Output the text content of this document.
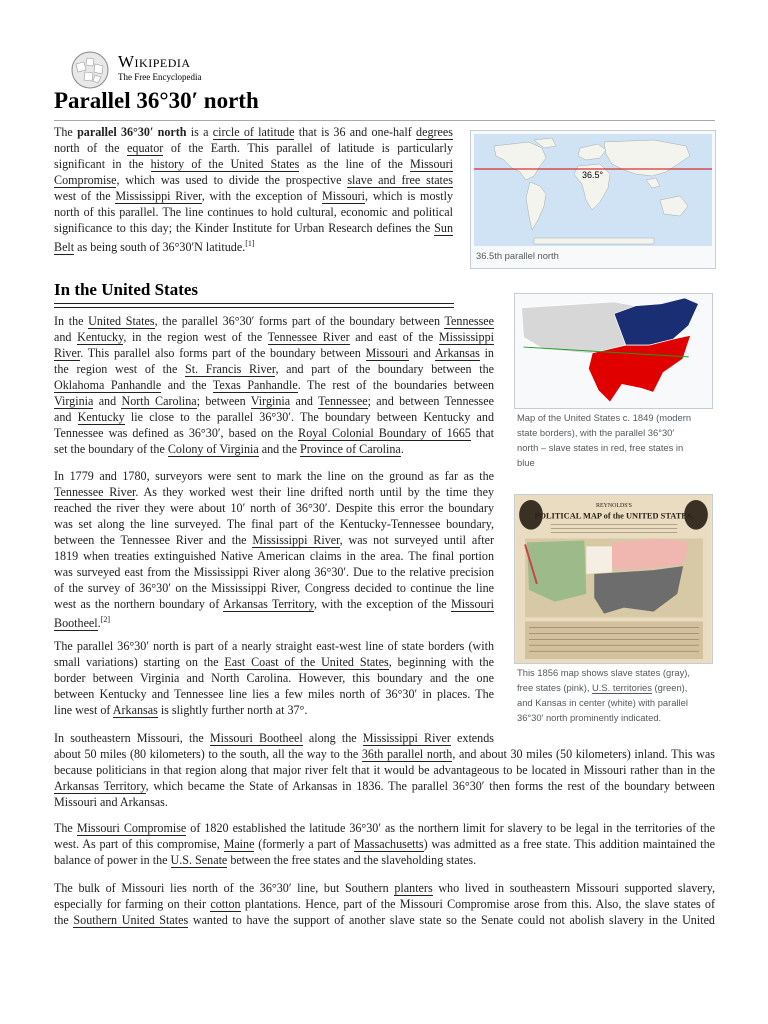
Wikipedia
The Free Encyclopedia
Parallel 36°30′ north
The parallel 36°30′ north is a circle of latitude that is 36 and one-half degrees
north of the equator of the Earth. This parallel of latitude is particularly
significant in the history of the United States as the line of the Missouri
Compromise, which was used to divide the prospective slave and free states
west of the Mississippi River, with the exception of Missouri, which is mostly
north of this parallel. The line continues to hold cultural, economic and political
significance to this day; the Kinder Institute for Urban Research defines the Sun
Belt as being south of 36°30′N latitude.[1]
36.5°
36.5th parallel north
In the United States
Map of the United States c. 1849 (modern
state borders), with the parallel 36°30′
north – slave states in red, free states in
blue
REYNOLDS'S
POLITICAL MAP of the UNITED STATES,
This 1856 map shows slave states (gray),
free states (pink), U.S. territories (green),
and Kansas in center (white) with parallel
36°30′ north prominently indicated.
In the United States, the parallel 36°30′ forms part of the boundary between Tennessee
and Kentucky, in the region west of the Tennessee River and east of the Mississippi
River. This parallel also forms part of the boundary between Missouri and Arkansas in
the region west of the St. Francis River, and part of the boundary between the
Oklahoma Panhandle and the Texas Panhandle. The rest of the boundaries between
Virginia and North Carolina; between Virginia and Tennessee; and between Tennessee
and Kentucky lie close to the parallel 36°30′. The boundary between Kentucky and
Tennessee was defined as 36°30′, based on the Royal Colonial Boundary of 1665 that
set the boundary of the Colony of Virginia and the Province of Carolina.
In 1779 and 1780, surveyors were sent to mark the line on the ground as far as the
Tennessee River. As they worked west their line drifted north until by the time they
reached the river they were about 10′ north of 36°30′. Despite this error the boundary
was set along the line surveyed. The final part of the Kentucky-Tennessee boundary,
between the Tennessee River and the Mississippi River, was not surveyed until after
1819 when treaties extinguished Native American claims in the area. The final portion
was surveyed east from the Mississippi River along 36°30′. Due to the relative precision
of the survey of 36°30′ on the Mississippi River, Congress decided to continue the line
west as the northern boundary of Arkansas Territory, with the exception of the Missouri
Bootheel.[2]
The parallel 36°30′ north is part of a nearly straight east-west line of state borders (with
small variations) starting on the East Coast of the United States, beginning with the
border between Virginia and North Carolina. However, this boundary and the one
between Kentucky and Tennessee line lies a few miles north of 36°30′ in places. The
line west of Arkansas is slightly further north at 37°.
In southeastern Missouri, the Missouri Bootheel along the Mississippi River extends
about 50 miles (80 kilometers) to the south, all the way to the 36th parallel north, and about 30 miles (50 kilometers) inland. This was
because politicians in that region along that major river felt that it would be advantageous to be located in Missouri rather than in the
Arkansas Territory, which became the State of Arkansas in 1836. The parallel 36°30′ then forms the rest of the boundary between
Missouri and Arkansas.
The Missouri Compromise of 1820 established the latitude 36°30′ as the northern limit for slavery to be legal in the territories of the
west. As part of this compromise, Maine (formerly a part of Massachusetts) was admitted as a free state. This addition maintained the
balance of power in the U.S. Senate between the free states and the slaveholding states.
The bulk of Missouri lies north of the 36°30′ line, but Southern planters who lived in southeastern Missouri supported slavery,
especially for farming on their cotton plantations. Hence, part of the Missouri Compromise arose from this. Also, the slave states of
the Southern United States wanted to have the support of another slave state so the Senate could not abolish slavery in the United
